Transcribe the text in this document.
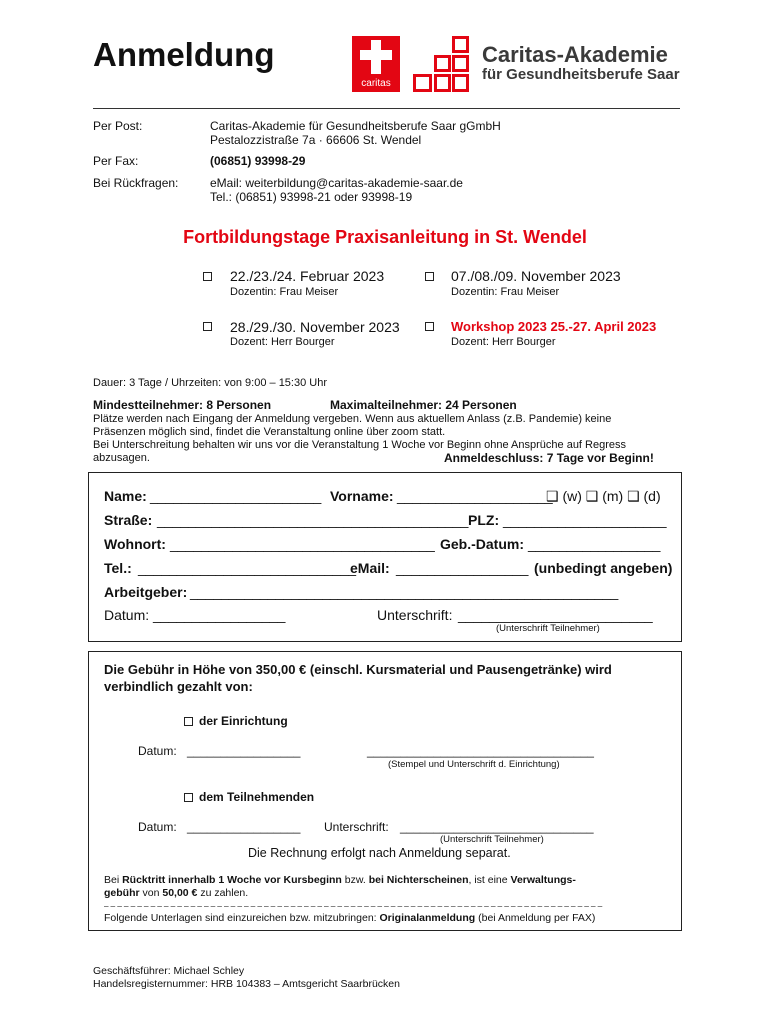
Anmeldung
caritas
Caritas-Akademie
für Gesundheitsberufe Saar
Per Post:	Caritas-Akademie für Gesundheitsberufe Saar gGmbH
Pestalozzistraße 7a · 66606 St. Wendel
Per Fax:	(06851) 93998-29
Bei Rückfragen:	eMail: weiterbildung@caritas-akademie-saar.de
Tel.: (06851) 93998-21 oder 93998-19
Fortbildungstage Praxisanleitung in St. Wendel
22./23./24. Februar 2023
Dozentin: Frau Meiser
07./08./09. November 2023
Dozentin: Frau Meiser
28./29./30. November 2023
Dozent: Herr Bourger
Workshop 2023 25.-27. April 2023
Dozent: Herr Bourger
Dauer: 3 Tage / Uhrzeiten: von 9:00 – 15:30 Uhr
Mindestteilnehmer: 8 Personen	Maximalteilnehmer: 24 Personen
Plätze werden nach Eingang der Anmeldung vergeben. Wenn aus aktuellem Anlass (z.B. Pandemie) keine
Präsenzen möglich sind, findet die Veranstaltung online über zoom statt.
Bei Unterschreitung behalten wir uns vor die Veranstaltung 1 Woche vor Beginn ohne Ansprüche auf Regress
abzusagen.	Anmeldeschluss: 7 Tage vor Beginn!
Name: ______________________ Vorname: ____________________
❑ (w) ❑ (m) ❑ (d)
Straße: ________________________________________ PLZ: _____________________
Wohnort: __________________________________ Geb.-Datum: _________________
Tel.: ____________________________
eMail: _________________ (unbedingt angeben)
Arbeitgeber: _______________________________________________________
Datum: _________________	Unterschrift: _________________________
(Unterschrift Teilnehmer)
Die Gebühr in Höhe von 350,00 € (einschl. Kursmaterial und Pausengetränke) wird
verbindlich gezahlt von:
der Einrichtung
Datum: _________________	__________________________________
(Stempel und Unterschrift d. Einrichtung)
dem Teilnehmenden
Datum: _________________ Unterschrift: _____________________________
(Unterschrift Teilnehmer)
Die Rechnung erfolgt nach Anmeldung separat.
Bei Rücktritt innerhalb 1 Woche vor Kursbeginn bzw. bei Nichterscheinen, ist eine Verwaltungs-
gebühr von 50,00 € zu zahlen.
_ _ _ _ _ _ _ _ _ _ _ _ _ _ _ _ _ _ _ _ _ _ _ _ _ _ _ _ _ _ _ _ _ _ _ _ _ _ _ _ _ _ _ _ _ _ _ _ _ _ _ _ _ _ _ _ _ _ _ _ _ _ _ _ _ _ _ _ _ _ _ _ _ _ _
Folgende Unterlagen sind einzureichen bzw. mitzubringen: Originalanmeldung (bei Anmeldung per FAX)
Geschäftsführer: Michael Schley
Handelsregisternummer: HRB 104383 – Amtsgericht Saarbrücken
